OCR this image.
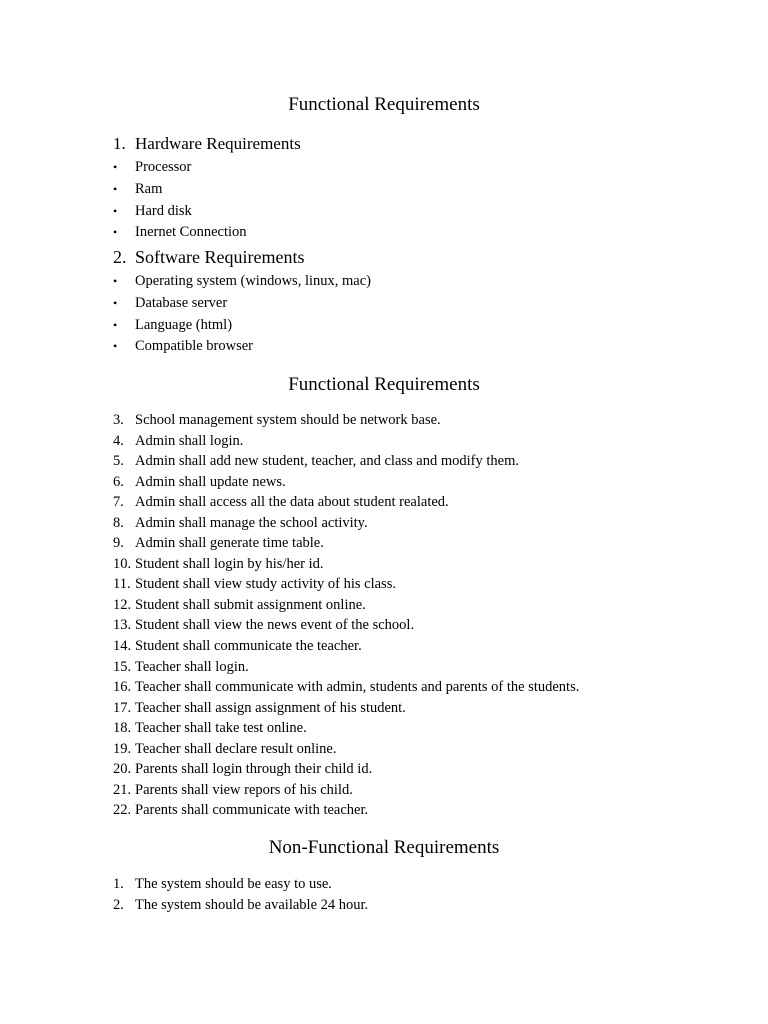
Functional Requirements
1. Hardware Requirements
• Processor
• Ram
• Hard disk
• Inernet Connection
2. Software Requirements
• Operating system (windows, linux, mac)
• Database server
• Language (html)
• Compatible browser
Functional Requirements
3. School management system should be network base.
4. Admin shall login.
5. Admin shall add new student, teacher, and class and modify them.
6. Admin shall update news.
7. Admin shall access all the data about student realated.
8. Admin shall manage the school activity.
9. Admin shall generate time table.
10. Student shall login by his/her id.
11. Student shall view study activity of his class.
12. Student shall submit assignment online.
13. Student shall view the news event of the school.
14. Student shall communicate the teacher.
15. Teacher shall login.
16. Teacher shall communicate with admin, students and parents of the students.
17. Teacher shall assign assignment of his student.
18. Teacher shall take test online.
19. Teacher shall declare result online.
20. Parents shall login through their child id.
21. Parents shall view repors of his child.
22. Parents shall communicate with teacher.
Non-Functional Requirements
1. The system should be easy to use.
2. The system should be available 24 hour.
